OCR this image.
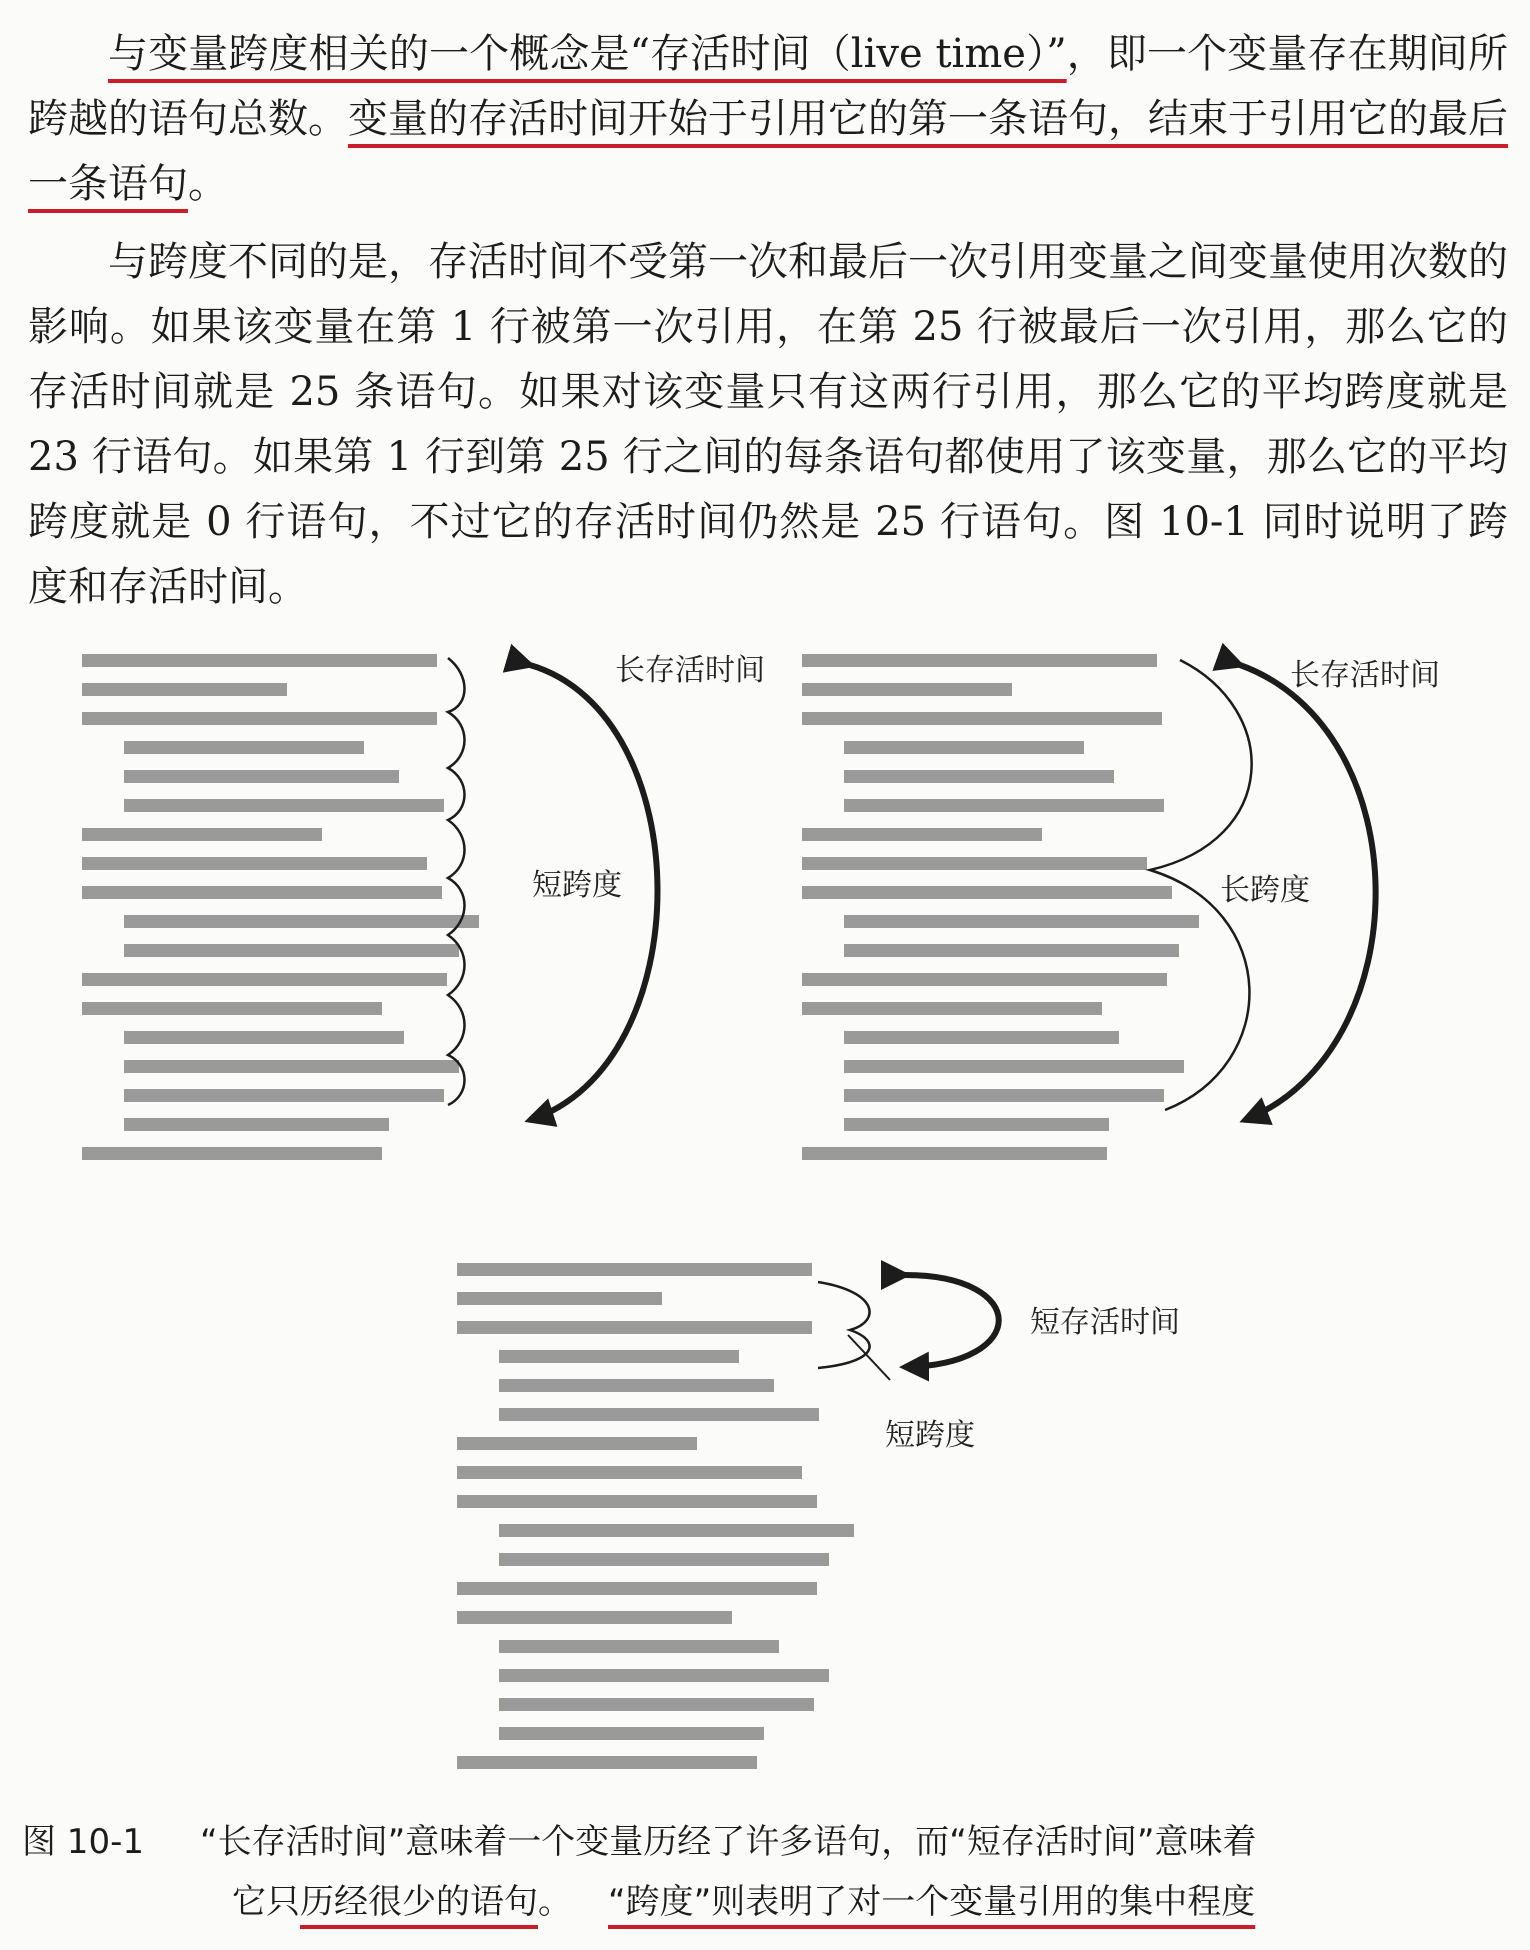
与变量跨度相关的一个概念是“存活时间（live time）”，即一个变量存在期间所跨越的语句总数。变量的存活时间开始于引用它的第一条语句，结束于引用它的最后一条语句。

与跨度不同的是，存活时间不受第一次和最后一次引用变量之间变量使用次数的影响。如果该变量在第 1 行被第一次引用，在第 25 行被最后一次引用，那么它的存活时间就是 25 条语句。如果对该变量只有这两行引用，那么它的平均跨度就是 23 行语句。如果第 1 行到第 25 行之间的每条语句都使用了该变量，那么它的平均跨度就是 0 行语句，不过它的存活时间仍然是 25 行语句。图 10-1 同时说明了跨度和存活时间。

长存活时间
短跨度
长存活时间
长跨度
短存活时间
短跨度
图 10-1 “长存活时间”意味着一个变量历经了许多语句，而“短存活时间”意味着
它只历经很少的语句。 “跨度”则表明了对一个变量引用的集中程度
